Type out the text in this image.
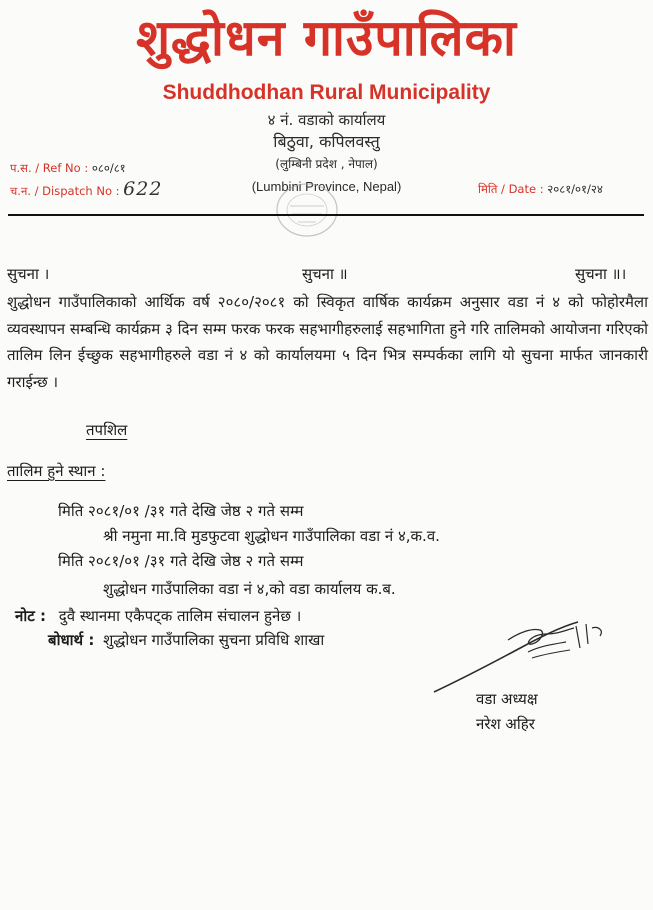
शुद्धोधन गाउँपालिका
Shuddhodhan Rural Municipality
४ नं. वडाको कार्यालय
बिठुवा, कपिलवस्तु
(लुम्बिनी प्रदेश , नेपाल)
(Lumbini Province, Nepal)
प.स. / Ref No : ०८०/८१
च.न. / Dispatch No : 622	मिति / Date : २०८१/०१/२४
सुचना ।	सुचना ॥	सुचना ॥।
शुद्धोधन गाउँपालिकाको आर्थिक वर्ष २०८०/२०८१ को स्विकृत वार्षिक कार्यक्रम अनुसार वडा नं ४ को फोहोरमैला व्यवस्थापन सम्बन्धि कार्यक्रम ३ दिन सम्म फरक फरक सहभागीहरुलाई सहभागिता हुने गरि तालिमको आयोजना गरिएको तालिम लिन ईच्छुक सहभागीहरुले वडा नं ४ को कार्यालयमा ५ दिन भित्र सम्पर्कका लागि यो सुचना मार्फत जानकारी गराईन्छ ।
तपशिल
तालिम हुने स्थान :
मिति २०८१/०१ /३१ गते देखि जेष्ठ २ गते सम्म
श्री नमुना मा.वि मुडफुटवा शुद्धोधन गाउँपालिका वडा नं ४,क.व.
मिति २०८१/०१ /३१ गते देखि जेष्ठ २ गते सम्म
शुद्धोधन गाउँपालिका वडा नं ४,को वडा कार्यालय क.ब.
नोट : दुवै स्थानमा एकैपट्क तालिम संचालन हुनेछ ।
बोधार्थ : शुद्धोधन गाउँपालिका सुचना प्रविधि शाखा
वडा अध्यक्ष
नरेश अहिर
